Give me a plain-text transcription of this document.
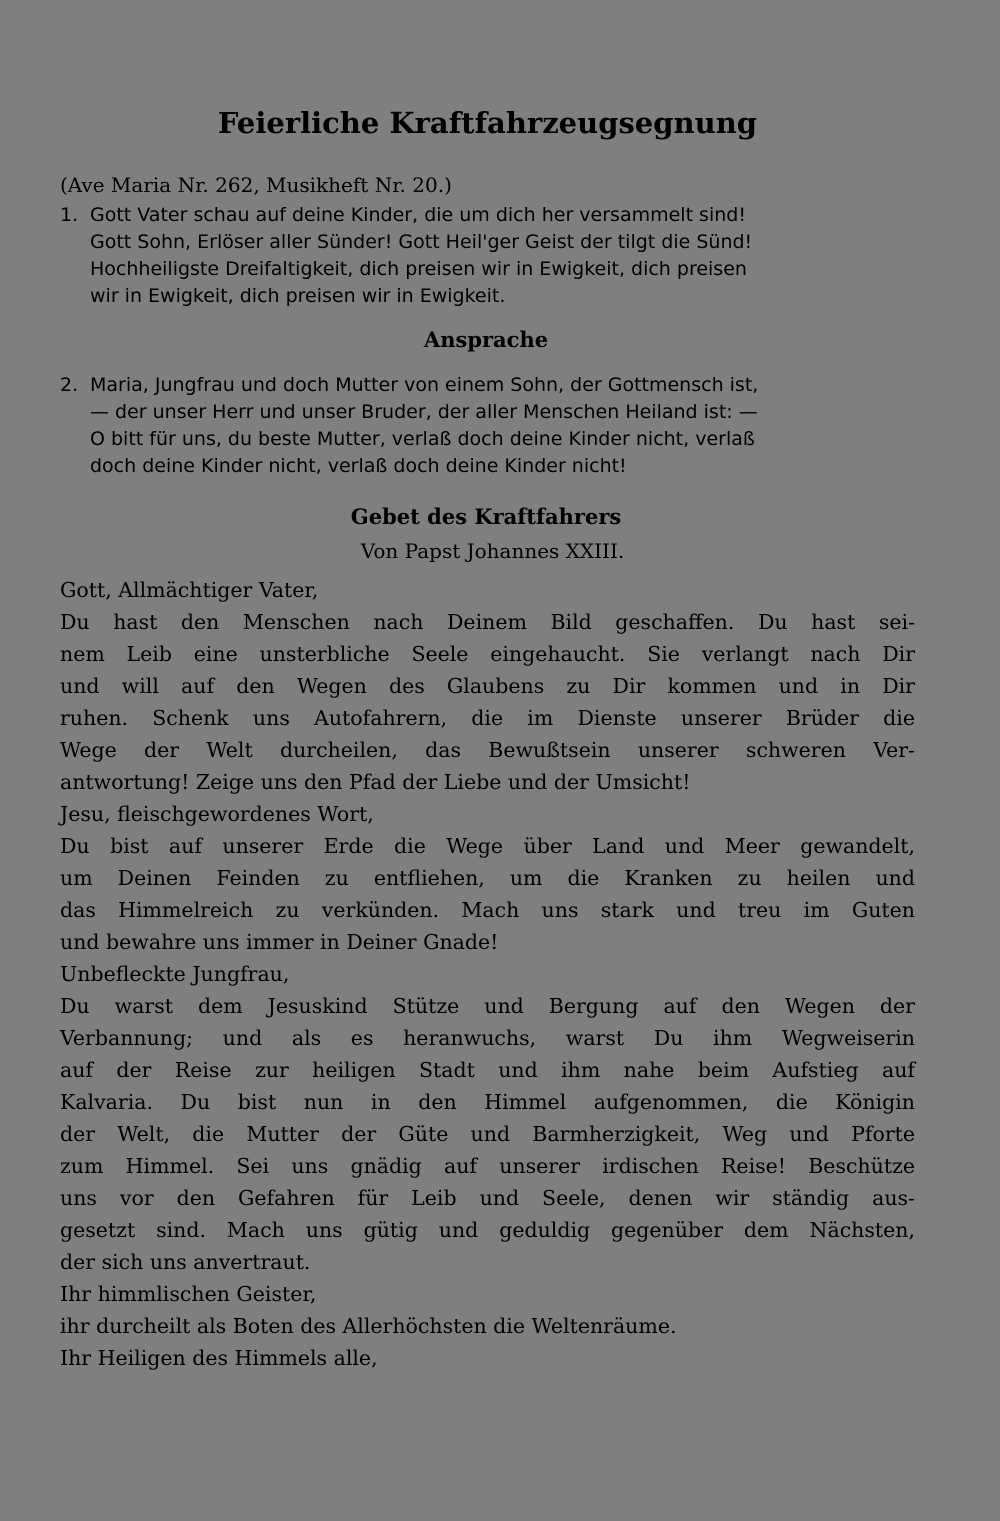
Feierliche Kraftfahrzeugsegnung
(Ave Maria Nr. 262, Musikheft Nr. 20.)
1. Gott Vater schau auf deine Kinder, die um dich her versammelt sind!
Gott Sohn, Erlöser aller Sünder! Gott Heil'ger Geist der tilgt die Sünd!
Hochheiligste Dreifaltigkeit, dich preisen wir in Ewigkeit, dich preisen
wir in Ewigkeit, dich preisen wir in Ewigkeit.
Ansprache
2. Maria, Jungfrau und doch Mutter von einem Sohn, der Gottmensch ist,
— der unser Herr und unser Bruder, der aller Menschen Heiland ist: —
O bitt für uns, du beste Mutter, verlaß doch deine Kinder nicht, verlaß
doch deine Kinder nicht, verlaß doch deine Kinder nicht!
Gebet des Kraftfahrers
Von Papst Johannes XXIII.
Gott, Allmächtiger Vater,
Du hast den Menschen nach Deinem Bild geschaffen. Du hast sei-
nem Leib eine unsterbliche Seele eingehaucht. Sie verlangt nach Dir
und will auf den Wegen des Glaubens zu Dir kommen und in Dir
ruhen. Schenk uns Autofahrern, die im Dienste unserer Brüder die
Wege der Welt durcheilen, das Bewußtsein unserer schweren Ver-
antwortung! Zeige uns den Pfad der Liebe und der Umsicht!
Jesu, fleischgewordenes Wort,
Du bist auf unserer Erde die Wege über Land und Meer gewandelt,
um Deinen Feinden zu entfliehen, um die Kranken zu heilen und
das Himmelreich zu verkünden. Mach uns stark und treu im Guten
und bewahre uns immer in Deiner Gnade!
Unbefleckte Jungfrau,
Du warst dem Jesuskind Stütze und Bergung auf den Wegen der
Verbannung; und als es heranwuchs, warst Du ihm Wegweiserin
auf der Reise zur heiligen Stadt und ihm nahe beim Aufstieg auf
Kalvaria. Du bist nun in den Himmel aufgenommen, die Königin
der Welt, die Mutter der Güte und Barmherzigkeit, Weg und Pforte
zum Himmel. Sei uns gnädig auf unserer irdischen Reise! Beschütze
uns vor den Gefahren für Leib und Seele, denen wir ständig aus-
gesetzt sind. Mach uns gütig und geduldig gegenüber dem Nächsten,
der sich uns anvertraut.
Ihr himmlischen Geister,
ihr durcheilt als Boten des Allerhöchsten die Weltenräume.
Ihr Heiligen des Himmels alle,
